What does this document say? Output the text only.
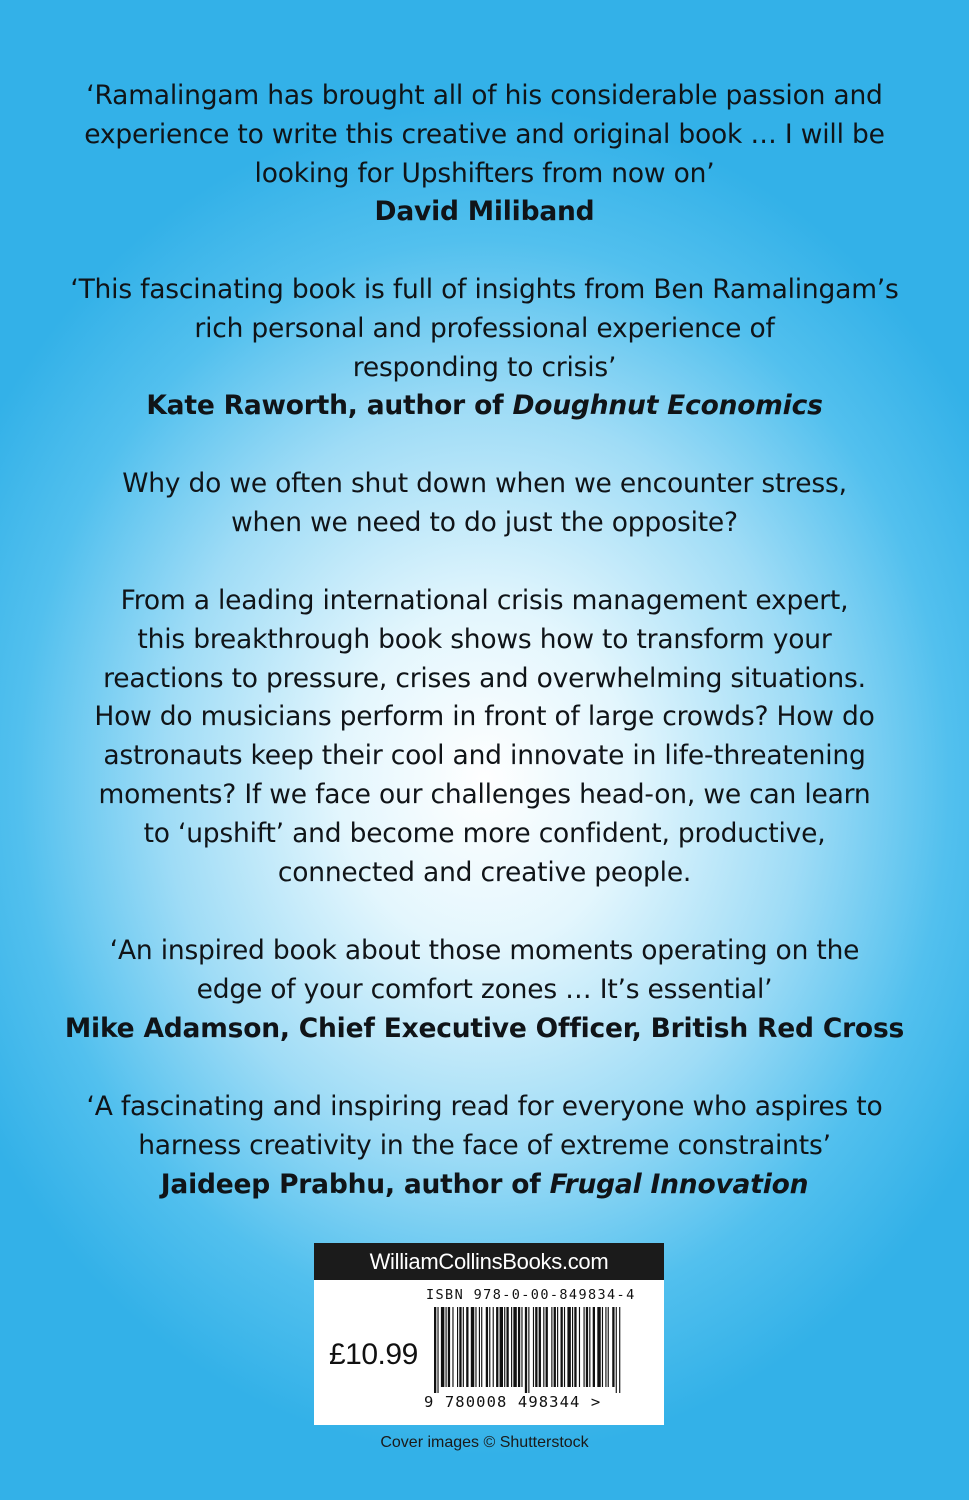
‘Ramalingam has brought all of his considerable passion and

experience to write this creative and original book … I will be

looking for Upshifters from now on’

David Miliband

‘This fascinating book is full of insights from Ben Ramalingam’s

rich personal and professional experience of

responding to crisis’

Kate Raworth, author of Doughnut Economics

Why do we often shut down when we encounter stress,

when we need to do just the opposite?

From a leading international crisis management expert,

this breakthrough book shows how to transform your

reactions to pressure, crises and overwhelming situations.

How do musicians perform in front of large crowds? How do

astronauts keep their cool and innovate in life-threatening

moments? If we face our challenges head-on, we can learn

to ‘upshift’ and become more confident, productive,

connected and creative people.

‘An inspired book about those moments operating on the

edge of your comfort zones … It’s essential’

Mike Adamson, Chief Executive Officer, British Red Cross

‘A fascinating and inspiring read for everyone who aspires to

harness creativity in the face of extreme constraints’

Jaideep Prabhu, author of Frugal Innovation

WilliamCollinsBooks.com
ISBN 978-0-00-849834-4
£10.99
9 780008 498344 >
Cover images © Shutterstock
